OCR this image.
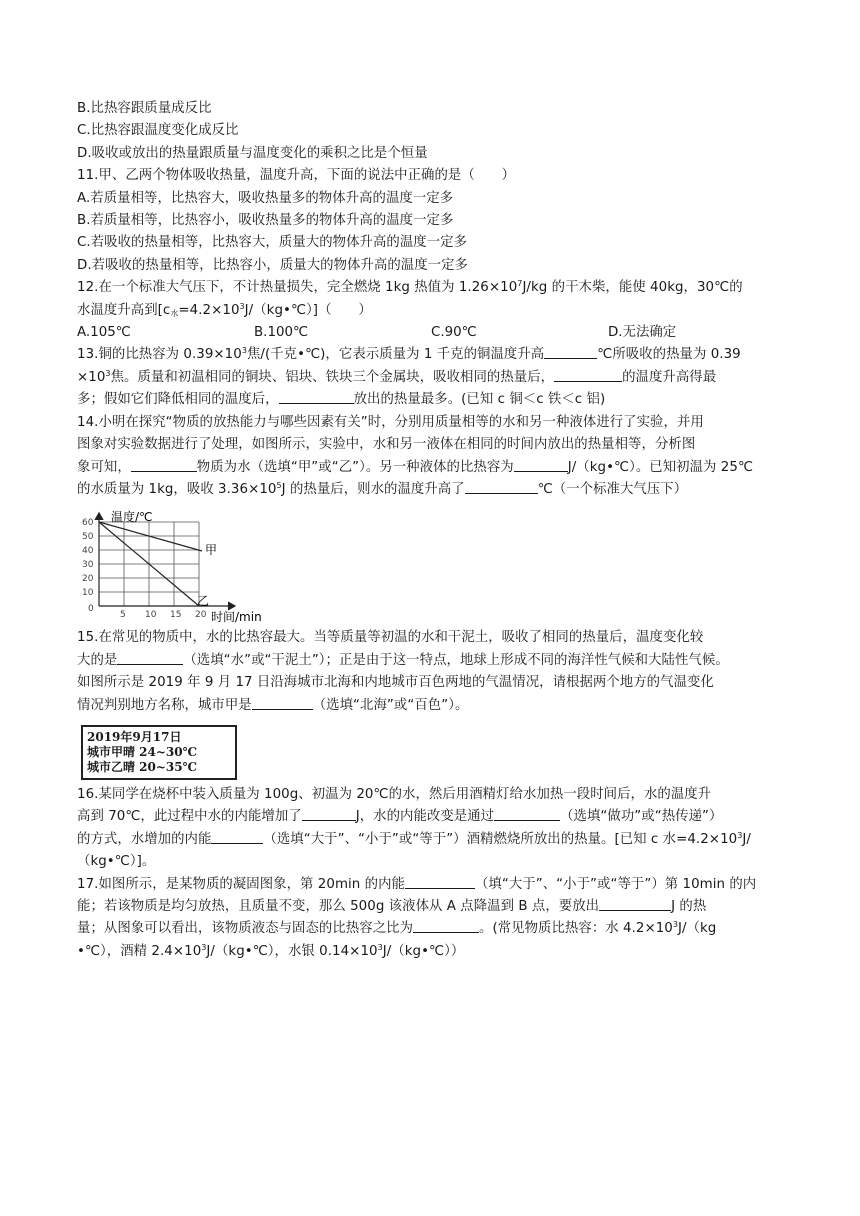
B.比热容跟质量成反比
C.比热容跟温度变化成反比
D.吸收或放出的热量跟质量与温度变化的乘积之比是个恒量
11.甲、乙两个物体吸收热量，温度升高，下面的说法中正确的是（　　）
A.若质量相等，比热容大，吸收热量多的物体升高的温度一定多
B.若质量相等，比热容小，吸收热量多的物体升高的温度一定多
C.若吸收的热量相等，比热容大，质量大的物体升高的温度一定多
D.若吸收的热量相等，比热容小，质量大的物体升高的温度一定多
12.在一个标准大气压下，不计热量损失，完全燃烧 1kg 热值为 $1.26\times 10^7J/kg$ 的干木柴，能使 40kg，30℃的
水温度升高到$[c_水=4.2\times 10^3J/(kg•℃)]$（　　）
A.105℃	B.100℃	C.90℃	D.无法确定
13.铜的比热容为 $0.39\times 10^3$焦/(千克•℃)，它表示质量为 1 千克的铜温度升高	℃所吸收的热量为 0.39
$\times 10^3$焦。质量和初温相同的铜块、铝块、铁块三个金属块，吸收相同的热量后，	的温度升高得最
多；假如它们降低相同的温度后，	放出的热量最多。(已知 c 铜＜c 铁＜c 铝)
14.小明在探究“物质的放热能力与哪些因素有关”时，分别用质量相等的水和另一种液体进行了实验，并用
图象对实验数据进行了处理，如图所示，实验中，水和另一液体在相同的时间内放出的热量相等，分析图
象可知，	物质为水（选填“甲”或“乙”）。另一种液体的比热容为	J/（kg•℃）。已知初温为 25℃
的水质量为 1kg，吸收 $3.36\times 10^5J$ 的热量后，则水的温度升高了	℃（一个标准大气压下）
温度/℃
时间/min
0
60
50
40
30
20
10
5 10 15 20
甲
乙
15.在常见的物质中，水的比热容最大。当等质量等初温的水和干泥土，吸收了相同的热量后，温度变化较
大的是	（选填“水”或“干泥土”）；正是由于这一特点，地球上形成不同的海洋性气候和大陆性气候。
如图所示是 2019 年 9 月 17 日沿海城市北海和内地城市百色两地的气温情况，请根据两个地方的气温变化
情况判别地方名称，城市甲是	（选填“北海”或“百色”）。
2019年9月17日
城市甲晴 24~30℃
城市乙晴 20~35℃
16.某同学在烧杯中装入质量为 100g、初温为 20℃的水，然后用酒精灯给水加热一段时间后，水的温度升
高到 70℃，此过程中水的内能增加了	J，水的内能改变是通过	（选填“做功”或“热传递”）
的方式，水增加的内能	（选填“大于”、“小于”或“等于”）酒精燃烧所放出的热量。[已知 c 水$=4.2\times 10^3J/$
（kg•℃）]。
17.如图所示，是某物质的凝固图象，第 20min 的内能	（填“大于”、“小于”或“等于”）第 10min 的内
能；若该物质是均匀放热，且质量不变，那么 500g 该液体从 A 点降温到 B 点，要放出	J 的热
量；从图象可以看出，该物质液态与固态的比热容之比为	。(常见物质比热容：水 $4.2\times 10^3J/(kg$
•℃），酒精 $2.4\times 10^3J/(kg•℃)$，水银 $0.14\times 10^3J/(kg•℃)$）
